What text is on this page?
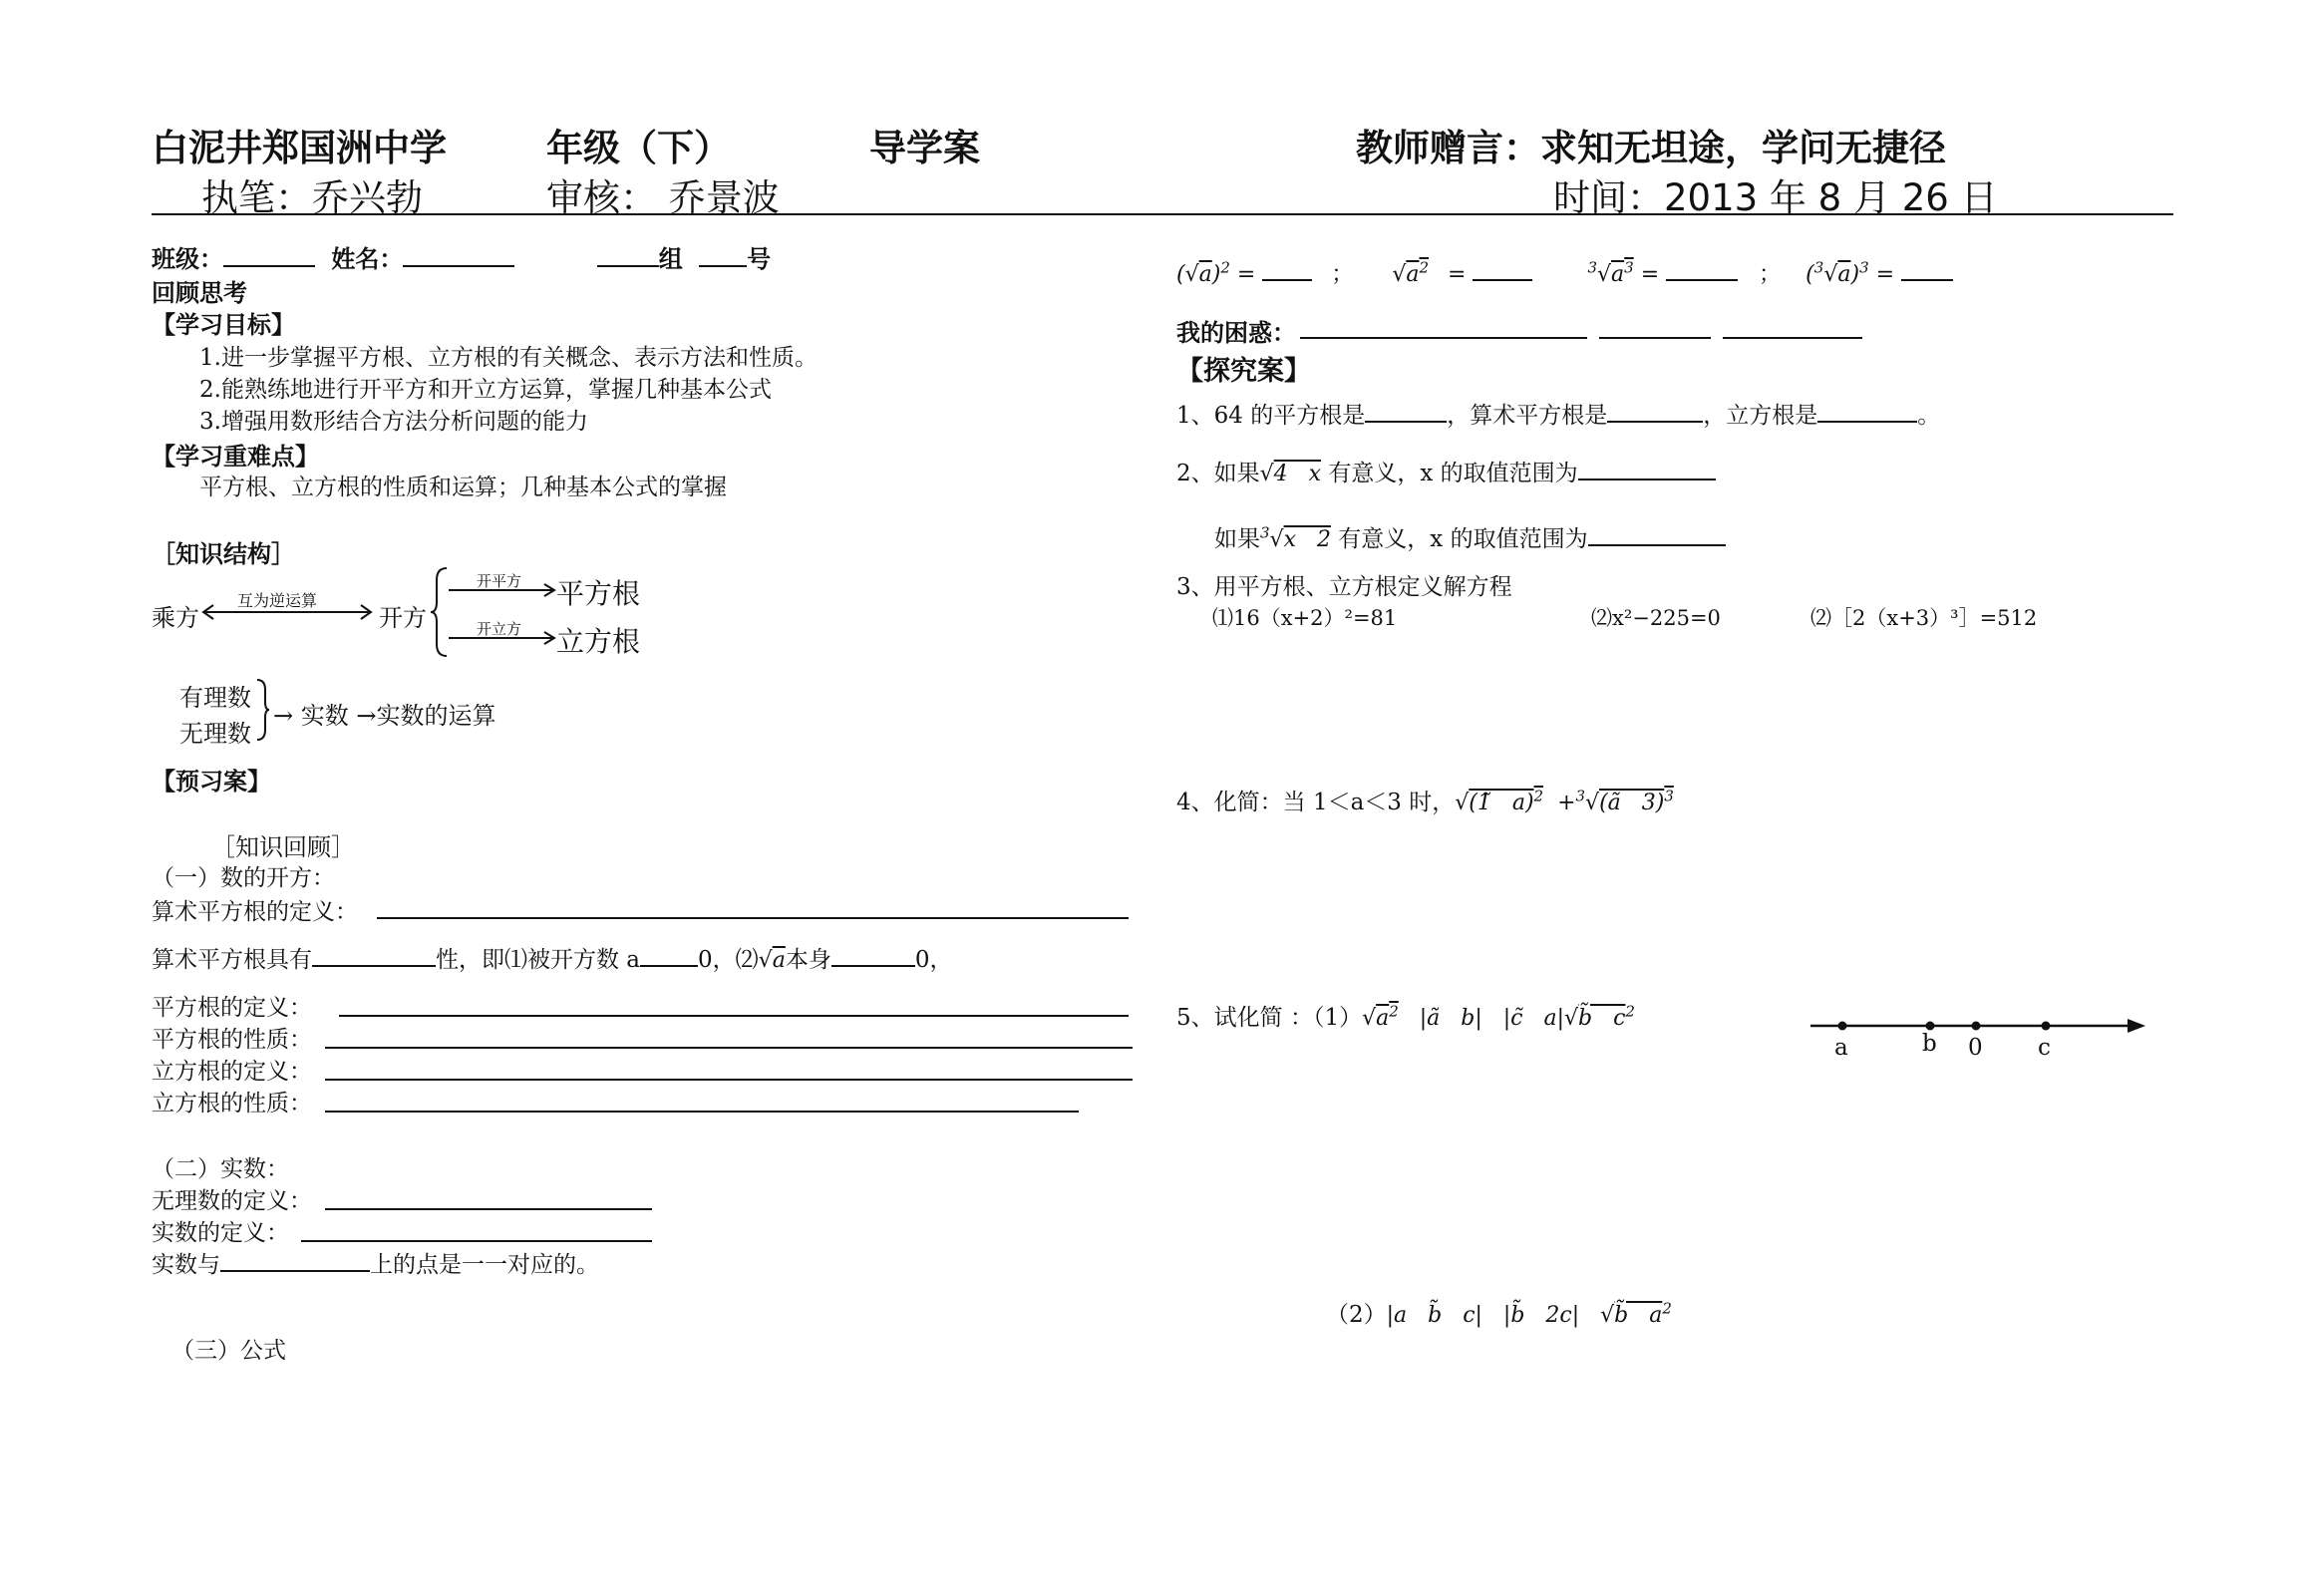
白泥井郑国洲中学	年级（下）	导学案	教师赠言：求知无坦途，学问无捷径
执笔：乔兴勃	审核： 乔景波	时间：2013 年 8 月 26 日
班级：	姓名：	组	号
回顾思考
【学习目标】
1.进一步掌握平方根、立方根的有关概念、表示方法和性质。
2.能熟练地进行开平方和开立方运算，掌握几种基本公式
3.增强用数形结合方法分析问题的能力
【学习重难点】
平方根、立方根的性质和运算；几种基本公式的掌握
［知识结构］
乘方
互为逆运算
开方
开平方 平方根
开立方 立方根
有理数
无理数
→ 实数 →实数的运算
【预习案】
［知识回顾］
（一）数的开方：
算术平方根的定义：
算术平方根具有	性，即⑴被开方数 a	0，⑵√a本身	0，
平方根的定义：
平方根的性质：
立方根的定义：
立方根的性质：
（二）实数：
无理数的定义：
实数的定义：
实数与	上的点是一一对应的。
（三）公式
$(√a)^2$ =	； $√a^2$ =	$^3√a^3$ =	； $(^3√a)^3$ =
我的困惑：
【探究案】
1、64 的平方根是	，算术平方根是	，立方根是	。
2、如果√4   x 有意义，x 的取值范围为
如果$^3$√x   2 有意义，x 的取值范围为
3、用平方根、立方根定义解方程
⑴16（x+2）²=81	⑵x²−225=0	⑵［2（x+3）³］=512
4、化简：当 1＜a＜3 时，√(1̃   a)$^2$  +$^3$√(ã   3)$^3$
5、试化简 ：$(1)√a^2$   |ã   b|   |c̃   a|√b̃   $c^2$
a	b 0 c
（2）|a   b̃   c|   |b̃   2c|   √b̃   $a^2$
